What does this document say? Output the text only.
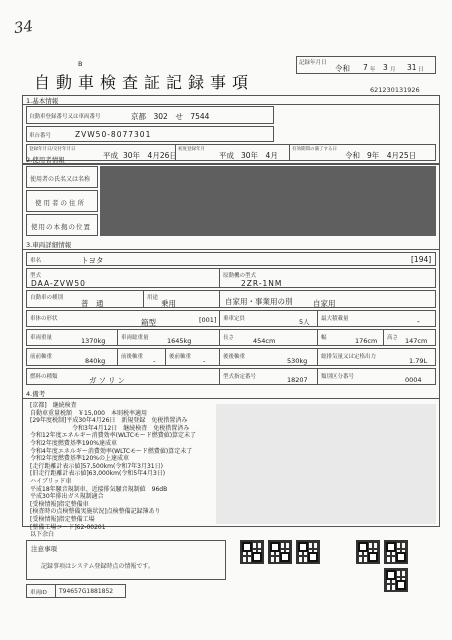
34
B
自動車検査証記録事項
記録年月日
令和 7 年 3 月 31 日
621230131926
1.基本情報
自動車登録番号又は車両番号	京都　302　せ　7544
車台番号	ZVW50-8077301
登録年月日/交付年月日
平成 30年　4月26日
初度登録年月
平成 30年　4月
有効期間の満了する日
令和 9年　4月25日
2.使用者情報
使用者の氏名又は名称
使用者の住所
使用の本拠の位置
3.車両詳細情報
車名	トヨタ	[194]
型式
DAA-ZVW50
原動機の型式
2ZR-1NM
自動車の種別
普　通
用途
乗用	自家用・事業用の別	自家用
車体の形状	箱型	[001] 乗車定員	5人 最大積載量	-
車両重量	1370kg	車両総重量	1645kg	長さ	454cm	幅	176cm 高さ 147cm
前前軸重	840kg	前後軸重 - 後前軸重 -	後後軸重	530kg 総排気量又は定格出力	1.79L
燃料の種類	ガソリン	型式指定番号	18207 類別区分番号	0004
4.備考
[京都]　継続検査
自動車重量税額　￥15,000　本則税率適用
[29年度税制]平成30年4月26日　新規登録　免税措置済み
　　　　　　　令和3年4月12日　継続検査　免税措置済み
令和12年度エネルギー消費効率(WLTCモード燃費値)算定未了
令和2年度燃費基準190%達成車
令和4年度エネルギー消費効率(WLTCモード燃費値)算定未了
令和2年度燃費基準120%の上達成車
[走行距離計表示値]57,500km(令和7年3月31日)
[旧走行距離計表示値]63,000km(令和5年4月3日)
ハイブリッド車
平成18年騒音規制車、近接排気騒音規制値　96dB
平成30年排出ガス規制適合
[受検情報]指定整備車
[検査時の点検整備実施状況]点検整備記録簿あり
[受検情報]指定整備工場
[整備工場コード]62-00201
以下余白
注意事項
記録事項はシステム登録時点の情報です。
車両ID T94657G1881852
